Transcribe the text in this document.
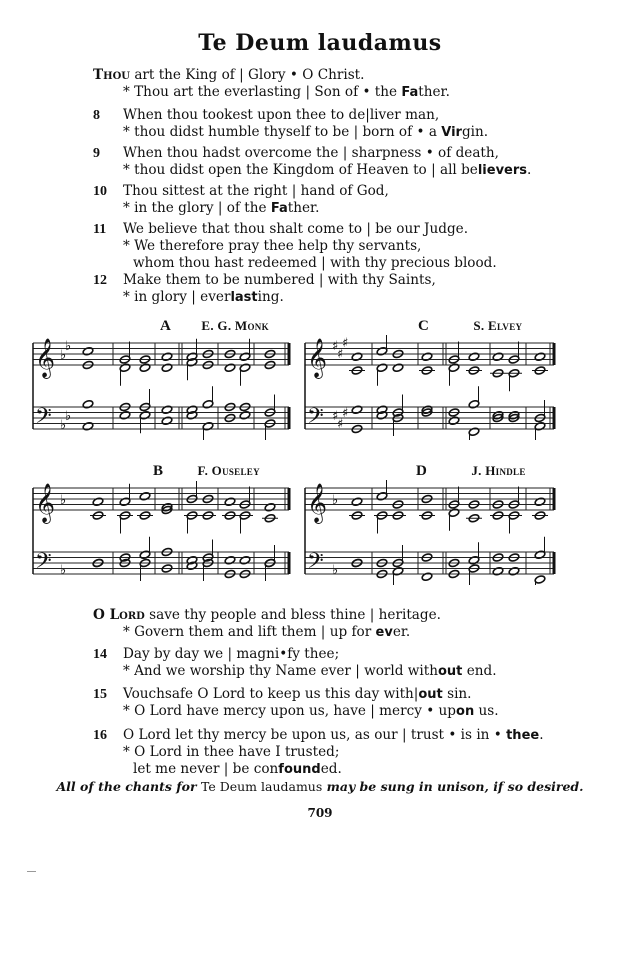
Te Deum laudamus
Thou art the King of | Glory • O Christ.
* Thou art the everlasting | Son of • the Father.
8	When thou tookest upon thee to de|liver man,
* thou didst humble thyself to be | born of • a Virgin.
9	When thou hadst overcome the | sharpness • of death,
* thou didst open the Kingdom of Heaven to | all believers.
10	Thou sittest at the right | hand of God,
* in the glory | of the Father.
11	We believe that thou shalt come to | be our Judge.
* We therefore pray thee help thy servants,
whom thou hast redeemed | with thy precious blood.
12	Make them to be numbered | with thy Saints,
* in glory | everlasting.
A E. G. Monk	C	S. Elvey
B	F. Ouseley	D	J. Hindle
𝄞
𝄢
♭
♭
♭
♭
𝄞
𝄢
♯
♯
♯
♯
♯
♯
𝄞
𝄢
♭
♭
𝄞
𝄢
♭
♭
O Lord save thy people and bless thine | heritage.
* Govern them and lift them | up for ever.
14	Day by day we | magni•fy thee;
* And we worship thy Name ever | world without end.
15	Vouchsafe O Lord to keep us this day with|out sin.
* O Lord have mercy upon us, have | mercy • upon us.
16	O Lord let thy mercy be upon us, as our | trust • is in • thee.
* O Lord in thee have I trusted;
let me never | be confounded.
All of the chants for Te Deum laudamus may be sung in unison, if so desired.
709
